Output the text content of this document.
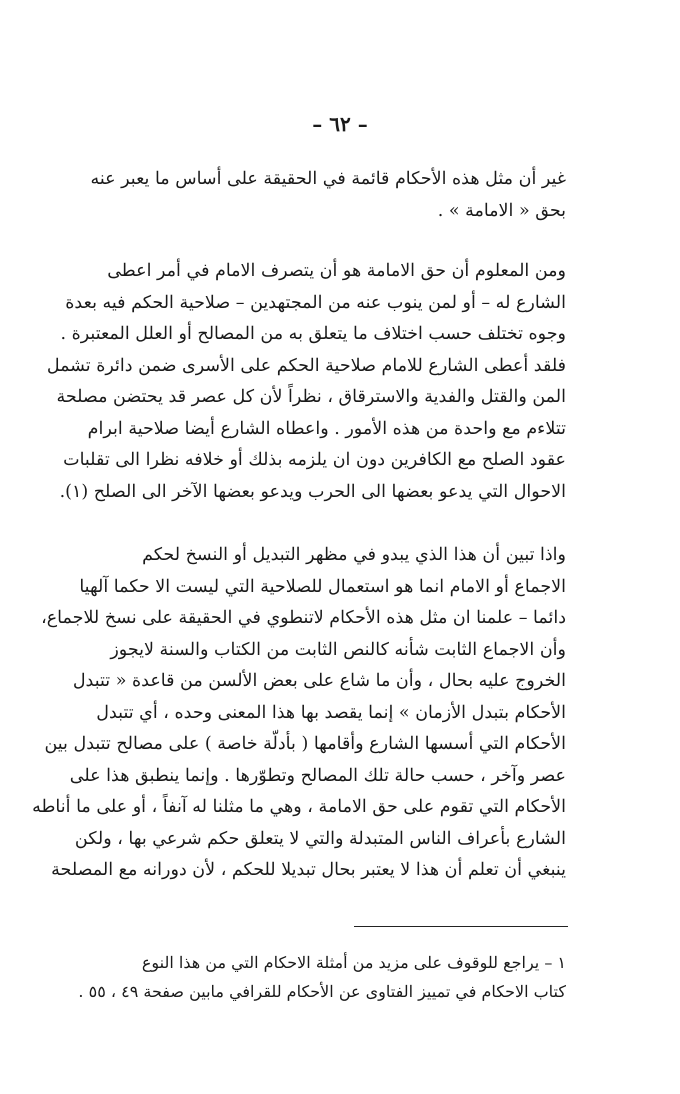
– ٦٢ –
غير أن مثل هذه الأحكام قائمة في الحقيقة على أساس ما يعبر عنه
بحق « الامامة » .
ومن المعلوم أن حق الامامة هو أن يتصرف الامام في أمر اعطى
الشارع له – أو لمن ينوب عنه من المجتهدين – صلاحية الحكم فيه بعدة
وجوه تختلف حسب اختلاف ما يتعلق به من المصالح أو العلل المعتبرة .
فلقد أعطى الشارع للامام صلاحية الحكم على الأسرى ضمن دائرة تشمل
المن والقتل والفدية والاسترقاق ، نظراً لأن كل عصر قد يحتضن مصلحة
تتلاءم مع واحدة من هذه الأمور . واعطاه الشارع أيضا صلاحية ابرام
عقود الصلح مع الكافرين دون ان يلزمه بذلك أو خلافه نظرا الى تقلبات
الاحوال التي يدعو بعضها الى الحرب ويدعو بعضها الآخر الى الصلح (١).
واذا تبين أن هذا الذي يبدو في مظهر التبديل أو النسخ لحكم
الاجماع أو الامام انما هو استعمال للصلاحية التي ليست الا حكما آلهيا
دائما – علمنا ان مثل هذه الأحكام لاتنطوي في الحقيقة على نسخ للاجماع،
وأن الاجماع الثابت شأنه كالنص الثابت من الكتاب والسنة لايجوز
الخروج عليه بحال ، وأن ما شاع على بعض الألسن من قاعدة « تتبدل
الأحكام بتبدل الأزمان » إنما يقصد بها هذا المعنى وحده ، أي تتبدل
الأحكام التي أسسها الشارع وأقامها ( بأدلّة خاصة ) على مصالح تتبدل بين
عصر وآخر ، حسب حالة تلك المصالح وتطوّرها . وإنما ينطبق هذا على
الأحكام التي تقوم على حق الامامة ، وهي ما مثلنا له آنفاً ، أو على ما أناطه
الشارع بأعراف الناس المتبدلة والتي لا يتعلق حكم شرعي بها ، ولكن
ينبغي أن تعلم أن هذا لا يعتبر بحال تبديلا للحكم ، لأن دورانه مع المصلحة
١ – يراجع للوقوف على مزيد من أمثلة الاحكام التي من هذا النوع
كتاب الاحكام في تمييز الفتاوى عن الأحكام للقرافي مابين صفحة ٤٩ ، ٥٥ .
